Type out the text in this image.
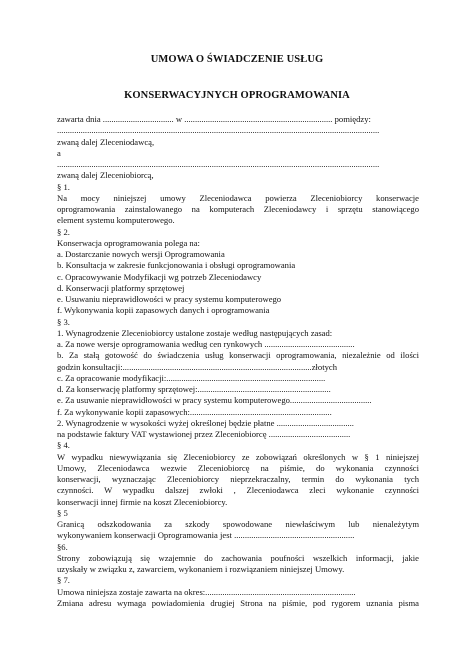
UMOWA O ŚWIADCZENIE USŁUG
KONSERWACYJNYCH OPROGRAMOWANIA
zawarta dnia ................................. w ..................................................................... pomiędzy:
......................................................................................................................................................
zwaną dalej Zleceniodawcą,
a
......................................................................................................................................................
zwaną dalej Zleceniobiorcą,
§ 1.
Na mocy niniejszej umowy Zleceniodawca powierza Zleceniobiorcy konserwacje
oprogramowania zainstalowanego na komputerach Zleceniodawcy i sprzętu stanowiącego
element systemu komputerowego.
§ 2.
Konserwacja oprogramowania polega na:
a. Dostarczanie nowych wersji Oprogramowania
b. Konsultacja w zakresie funkcjonowania i obsługi oprogramowania
c. Opracowywanie Modyfikacji wg potrzeb Zleceniodawcy
d. Konserwacji platformy sprzętowej
e. Usuwaniu nieprawidłowości w pracy systemu komputerowego
f. Wykonywania kopii zapasowych danych i oprogramowania
§ 3.
1. Wynagrodzenie Zleceniobiorcy ustalone zostaje według następujących zasad:
a. Za nowe wersje oprogramowania według cen rynkowych ..........................................
b. Za stałą gotowość do świadczenia usług konserwacji oprogramowania, niezależnie od ilości
godzin konsultacji:........................................................................................złotych
c. Za opracowanie modyfikacji:..........................................................................
d. Za konserwację platformy sprzętowej:..............................................................
e. Za usuwanie nieprawidłowości w pracy systemu komputerowego......................................
f. Za wykonywanie kopii zapasowych:..................................................................
2. Wynagrodzenie w wysokości wyżej określonej będzie płatne ....................................
na podstawie faktury VAT wystawionej przez Zleceniobiorcę ......................................
§ 4.
W wypadku niewywiązania się Zleceniobiorcy ze zobowiązań określonych w § 1 niniejszej
Umowy, Zleceniodawca wezwie Zleceniobiorcę na piśmie, do wykonania czynności
konserwacji, wyznaczając Zleceniobiorcy nieprzekraczalny, termin do wykonania tych
czynności. W wypadku dalszej zwłoki , Zleceniodawca zleci wykonanie czynności
konserwacji innej firmie na koszt Zleceniobiorcy.
§ 5
Granicą odszkodowania za szkody spowodowane niewłaściwym lub nienależytym
wykonywaniem konserwacji Oprogramowania jest ........................................................
§6.
Strony zobowiązują się wzajemnie do zachowania poufności wszelkich informacji, jakie
uzyskały w związku z, zawarciem, wykonaniem i rozwiązaniem niniejszej Umowy.
§ 7.
Umowa niniejsza zostaje zawarta na okres:......................................................................
Zmiana adresu wymaga powiadomienia drugiej Strona na piśmie, pod rygorem uznania pisma
